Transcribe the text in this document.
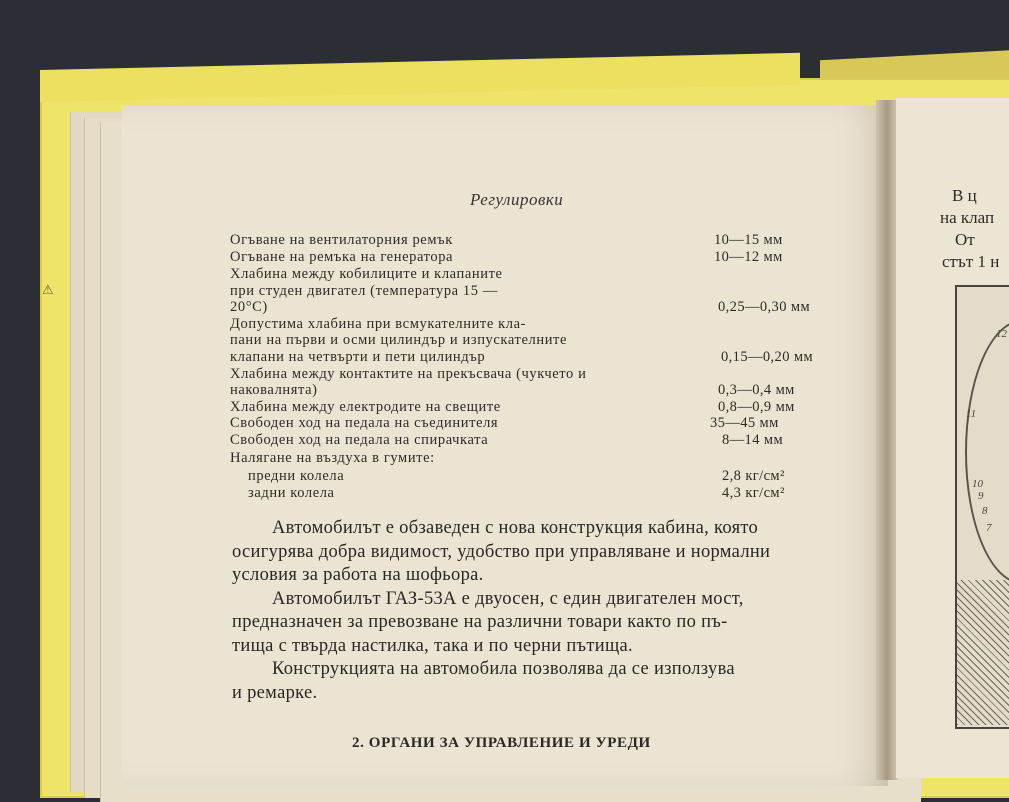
⚠
Регулировки
Огъване на вентилаторния ремък	10—15 мм
Огъване на ремъка на генератора	10—12 мм
Хлабина между кобилиците и клапаните
при студен двигател (температура 15 —
20°С)	0,25—0,30 мм
Допустима хлабина при всмукателните кла-
пани на първи и осми цилиндър и изпускателните
клапани на четвърти и пети цилиндър	0,15—0,20 мм
Хлабина между контактите на прекъсвача (чукчето и
наковалнята)	0,3—0,4 мм
Хлабина между електродите на свещите	0,8—0,9 мм
Свободен ход на педала на съединителя	35—45 мм
Свободен ход на педала на спирачката	8—14 мм
Налягане на въздуха в гумите:
предни колела	2,8 кг/см²
задни колела	4,3 кг/см²
Автомобилът е обзаведен с нова конструкция кабина, която
осигурява добра видимост, удобство при управляване и нормални
условия за работа на шофьора.
Автомобилът ГАЗ-53А е двуосен, с един двигателен мост,
предназначен за превозване на различни товари както по пъ-
тища с твърда настилка, така и по черни пътища.
Конструкцията на автомобила позволява да се използува
и ремарке.
2. ОРГАНИ ЗА УПРАВЛЕНИЕ И УРЕДИ
В ц
на клап
От
стът 1 н
11
10
9
8
7
12
